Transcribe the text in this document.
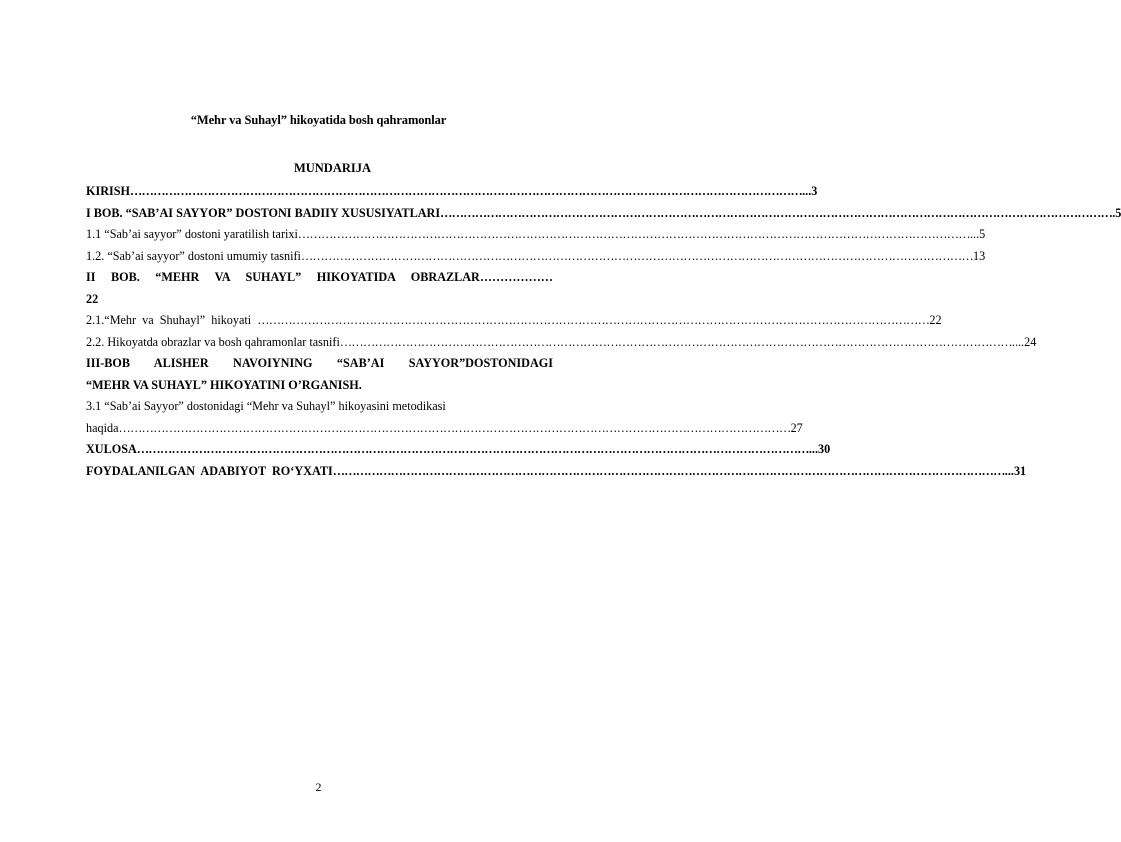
“Mehr va Suhayl” hikoyatida bosh qahramonlar
MUNDARIJA
KIRISH ………………………………………………………………………………………………………………………………………………………… ...3
I BOB. “SAB’AI SAYYOR” DOSTONI BADIIY XUSUSIYATLARI ………………………………………………………………………………………………………………………………………………………… .5
1.1 “Sab’ai sayyor” dostoni yaratilish tarixi ………………………………………………………………………………………………………………………………………………………… ...5
1.2. “Sab’ai sayyor” dostoni umumiy tasnifi ………………………………………………………………………………………………………………………………………………………… 13
II BOB. “MEHR VA SUHAYL” HIKOYATIDA OBRAZLAR………………
22
2.1.“Mehr  va  Shuhayl”  hikoyati ………………………………………………………………………………………………………………………………………………………… 22
2.2. Hikoyatda obrazlar va bosh qahramonlar tasnifi ………………………………………………………………………………………………………………………………………………………… ....24
III-BOB ALISHER NAVOIYNING “SAB’AI SAYYOR”DOSTONIDAGI
“MEHR VA SUHAYL” HIKOYATINI O’RGANISH.
3.1 “Sab’ai Sayyor” dostonidagi “Mehr va Suhayl” hikoyasini metodikasi
haqida ………………………………………………………………………………………………………………………………………………………… 27
XULOSA ………………………………………………………………………………………………………………………………………………………… ...30
FOYDALANILGAN  ADABIYOT  RO‘YXATI ………………………………………………………………………………………………………………………………………………………… ...31
2
